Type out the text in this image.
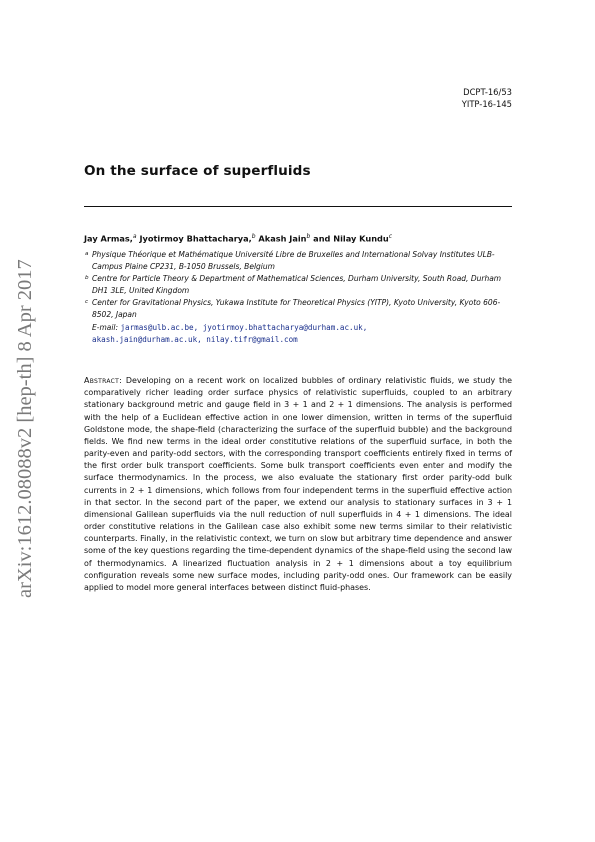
arXiv:1612.08088v2 [hep-th] 8 Apr 2017
DCPT-16/53
YITP-16-145
On the surface of superfluids
Jay Armas,$^a$ Jyotirmoy Bhattacharya,$^b$ Akash Jain$^b$ and Nilay Kundu$^c$
a Physique Théorique et Mathématique Université Libre de Bruxelles and International Solvay Institutes ULB-Campus Plaine CP231, B-1050 Brussels, Belgium
b Centre for Particle Theory & Department of Mathematical Sciences, Durham University, South Road, Durham DH1 3LE, United Kingdom
c Center for Gravitational Physics, Yukawa Institute for Theoretical Physics (YITP), Kyoto University, Kyoto 606-8502, Japan
E-mail: jarmas@ulb.ac.be, jyotirmoy.bhattacharya@durham.ac.uk,
akash.jain@durham.ac.uk, nilay.tifr@gmail.com
Abstract: Developing on a recent work on localized bubbles of ordinary relativistic fluids, we study the comparatively richer leading order surface physics of relativistic superfluids, coupled to an arbitrary stationary background metric and gauge field in 3 + 1 and 2 + 1 dimensions. The analysis is performed with the help of a Euclidean effective action in one lower dimension, written in terms of the superfluid Goldstone mode, the shape-field (characterizing the surface of the superfluid bubble) and the background fields. We find new terms in the ideal order constitutive relations of the superfluid surface, in both the parity-even and parity-odd sectors, with the corresponding transport coefficients entirely fixed in terms of the first order bulk transport coefficients. Some bulk transport coefficients even enter and modify the surface thermodynamics. In the process, we also evaluate the stationary first order parity-odd bulk currents in 2 + 1 dimensions, which follows from four independent terms in the superfluid effective action in that sector. In the second part of the paper, we extend our analysis to stationary surfaces in 3 + 1 dimensional Galilean superfluids via the null reduction of null superfluids in 4 + 1 dimensions. The ideal order constitutive relations in the Galilean case also exhibit some new terms similar to their relativistic counterparts. Finally, in the relativistic context, we turn on slow but arbitrary time dependence and answer some of the key questions regarding the time-dependent dynamics of the shape-field using the second law of thermodynamics. A linearized fluctuation analysis in 2 + 1 dimensions about a toy equilibrium configuration reveals some new surface modes, including parity-odd ones. Our framework can be easily applied to model more general interfaces between distinct fluid-phases.
